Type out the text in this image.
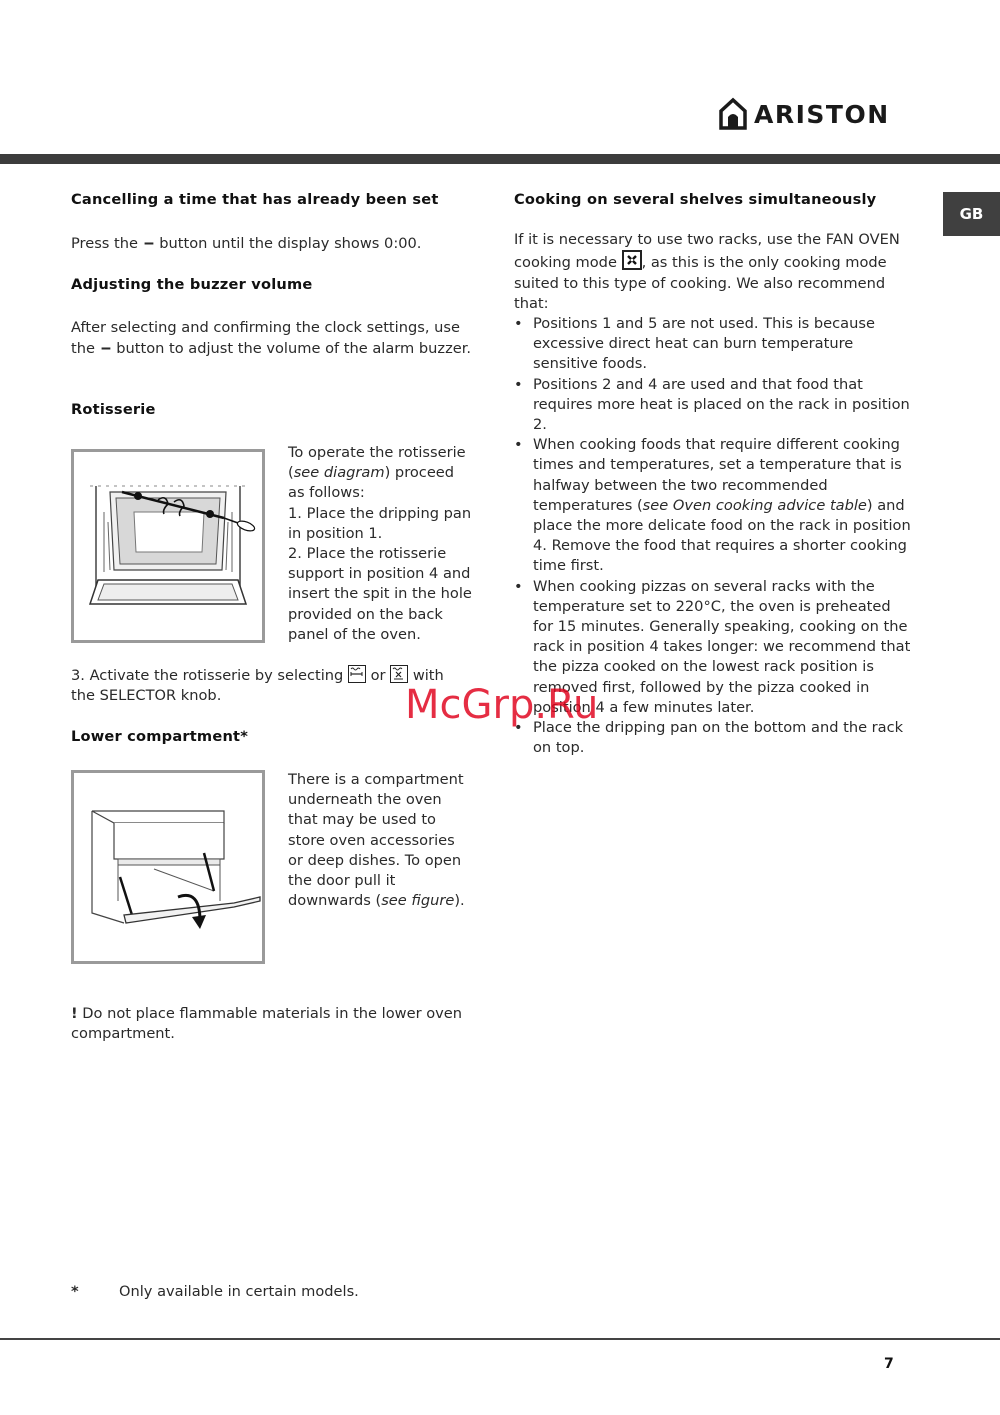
ARISTON
GB
Cancelling a time that has already been set

Press the – button until the display shows 0:00.

Adjusting the buzzer volume

After selecting and confirming the clock settings, use the – button to adjust the volume of the alarm buzzer.

Rotisserie

To operate the rotisserie (see diagram) proceed as follows:

1. Place the dripping pan in position 1.

2. Place the rotisserie support in position 4 and insert the spit in the hole provided on the back panel of the oven.

3. Activate the rotisserie by selecting or with the SELECTOR knob.

Lower compartment*

There is a compartment underneath the oven that may be used to store oven accessories or deep dishes. To open the door pull it downwards (see figure).

! Do not place flammable materials in the lower oven compartment.

Cooking on several shelves simultaneously

If it is necessary to use two racks, use the FAN OVEN cooking mode , as this is the only cooking mode suited to this type of cooking. We also recommend that:

• Positions 1 and 5 are not used. This is because excessive direct heat can burn temperature sensitive foods.
• Positions 2 and 4 are used and that food that requires more heat is placed on the rack in position 2.
• When cooking foods that require different cooking times and temperatures, set a temperature that is halfway between the two recommended temperatures (see Oven cooking advice table) and place the more delicate food on the rack in position 4. Remove the food that requires a shorter cooking time first.
• When cooking pizzas on several racks with the temperature set to 220°C, the oven is preheated for 15 minutes. Generally speaking, cooking on the rack in position 4 takes longer: we recommend that the pizza cooked on the lowest rack position is removed first, followed by the pizza cooked in position 4 a few minutes later.
• Place the dripping pan on the bottom and the rack on top.
McGrp.Ru
*	Only available in certain models.
7
